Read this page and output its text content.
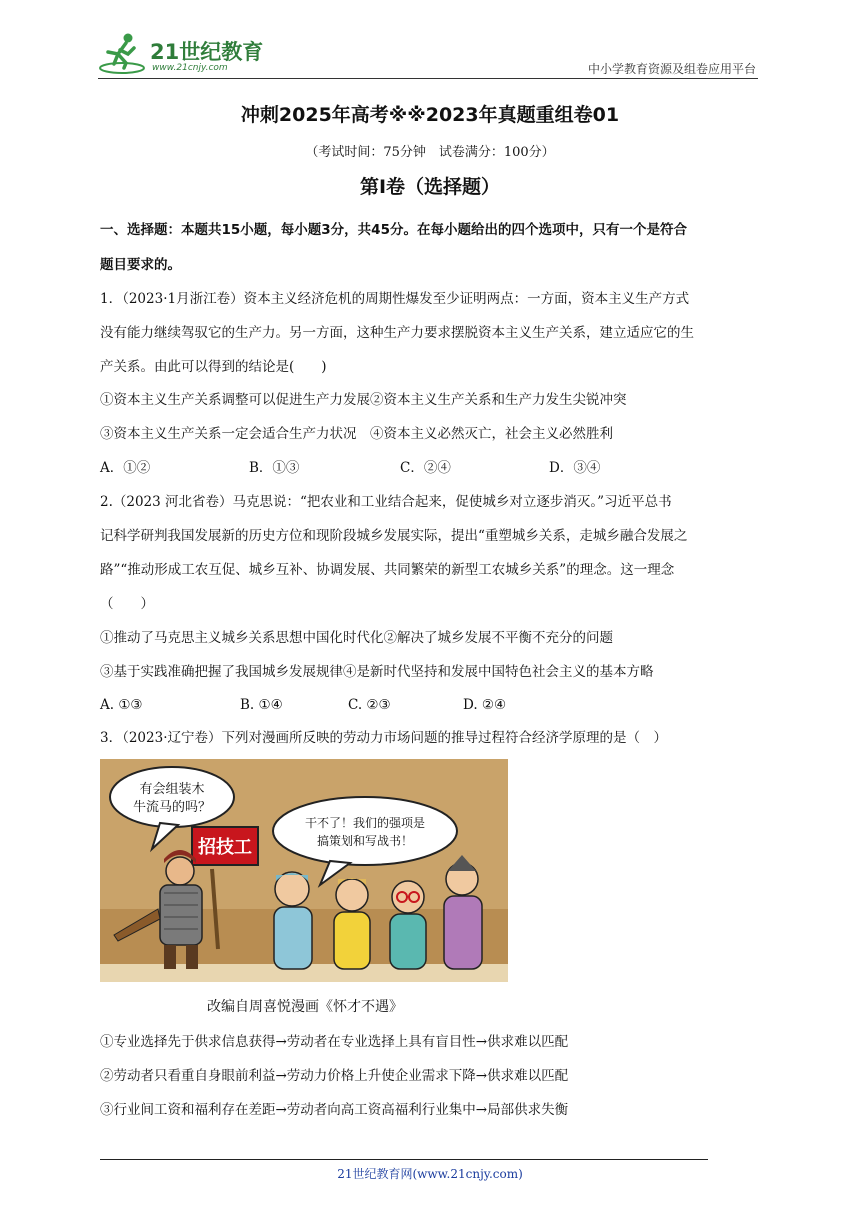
21世纪教育
www.21cnjy.com	中小学教育资源及组卷应用平台
冲刺2025年高考※※2023年真题重组卷01
（考试时间：75分钟　试卷满分：100分）
第I卷（选择题）
一、选择题：本题共15小题，每小题3分，共45分。在每小题给出的四个选项中，只有一个是符合
题目要求的。
1．（2023·1月浙江卷）资本主义经济危机的周期性爆发至少证明两点：一方面，资本主义生产方式
没有能力继续驾驭它的生产力。另一方面，这种生产力要求摆脱资本主义生产关系，建立适应它的生
产关系。由此可以得到的结论是(　　)
①资本主义生产关系调整可以促进生产力发展②资本主义生产关系和生产力发生尖锐冲突
③资本主义生产关系一定会适合生产力状况　④资本主义必然灭亡，社会主义必然胜利
A．①②	B．①③	C．②④	D．③④
2.（2023 河北省卷）马克思说：“把农业和工业结合起来，促使城乡对立逐步消灭。”习近平总书
记科学研判我国发展新的历史方位和现阶段城乡发展实际，提出“重塑城乡关系，走城乡融合发展之
路”“推动形成工农互促、城乡互补、协调发展、共同繁荣的新型工农城乡关系”的理念。这一理念
（　　）
①推动了马克思主义城乡关系思想中国化时代化②解决了城乡发展不平衡不充分的问题
③基于实践准确把握了我国城乡发展规律④是新时代坚持和发展中国特色社会主义的基本方略
A. ①③	B. ①④	C. ②③	D. ②④
3．（2023·辽宁卷）下列对漫画所反映的劳动力市场问题的推导过程符合经济学原理的是（　）
有会组装木
牛流马的吗？
干不了！我们的强项是
搞策划和写战书！
招技工
改编自周喜悦漫画《怀才不遇》
①专业选择先于供求信息获得→劳动者在专业选择上具有盲目性→供求难以匹配
②劳动者只看重自身眼前利益→劳动力价格上升使企业需求下降→供求难以匹配
③行业间工资和福利存在差距→劳动者向高工资高福利行业集中→局部供求失衡
21世纪教育网(www.21cnjy.com)
